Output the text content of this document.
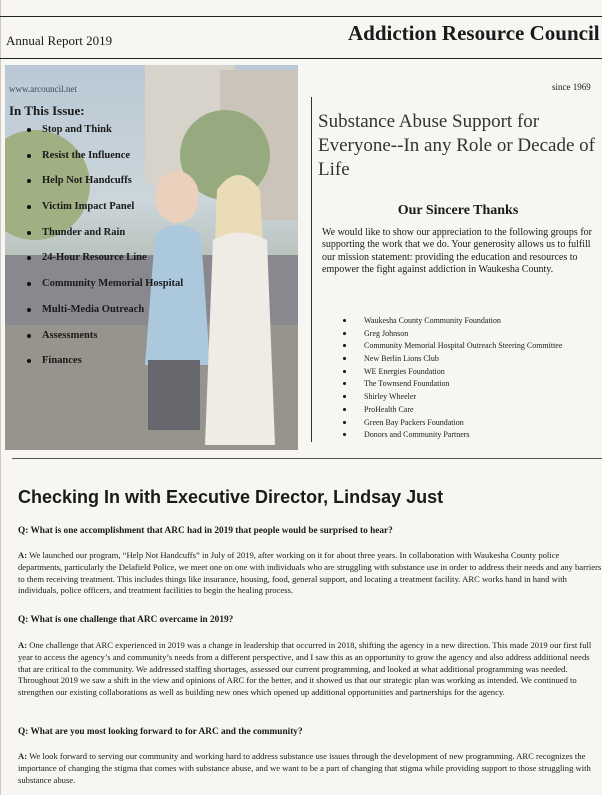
Annual Report 2019	Addiction Resource Council
www.arcouncil.net
In This Issue:
Stop and Think
Resist the Influence
Help Not Handcuffs
Victim Impact Panel
Thunder and Rain
24-Hour Resource Line
Community Memorial Hospital
Multi-Media Outreach
Assessments
Finances
since 1969
Substance Abuse Support for Everyone--In any Role or Decade of Life
Our Sincere Thanks
We would like to show our appreciation to the following groups for supporting the work that we do. Your generosity allows us to fulfill our mission statement: providing the education and resources to empower the fight against addiction in Waukesha County.
Waukesha County Community Foundation
Greg Johnson
Community Memorial Hospital Outreach Steering Committee
New Berlin Lions Club
WE Energies Foundation
The Townsend Foundation
Shirley Wheeler
ProHealth Care
Green Bay Packers Foundation
Donors and Community Partners
Checking In with Executive Director, Lindsay Just
Q: What is one accomplishment that ARC had in 2019 that people would be surprised to hear?
A: We launched our program, “Help Not Handcuffs” in July of 2019, after working on it for about three years. In collaboration with Waukesha County police departments, particularly the Delafield Police, we meet one on one with individuals who are struggling with substance use in order to address their needs and any barriers to them receiving treatment. This includes things like insurance, housing, food, general support, and locating a treatment facility. ARC works hand in hand with individuals, police officers, and treatment facilities to begin the healing process.
Q: What is one challenge that ARC overcame in 2019?
A: One challenge that ARC experienced in 2019 was a change in leadership that occurred in 2018, shifting the agency in a new direction. This made 2019 our first full year to access the agency’s and community’s needs from a different perspective, and I saw this as an opportunity to grow the agency and also address additional needs that are critical to the community. We addressed staffing shortages, assessed our current programming, and looked at what additional programming was needed. Throughout 2019 we saw a shift in the view and opinions of ARC for the better, and it showed us that our strategic plan was working as intended. We continued to strengthen our existing collaborations as well as building new ones which opened up additional opportunities and partnerships for the agency.
Q: What are you most looking forward to for ARC and the community?
A: We look forward to serving our community and working hard to address substance use issues through the development of new programming. ARC recognizes the importance of changing the stigma that comes with substance abuse, and we want to be a part of changing that stigma while providing support to those struggling with substance abuse.
